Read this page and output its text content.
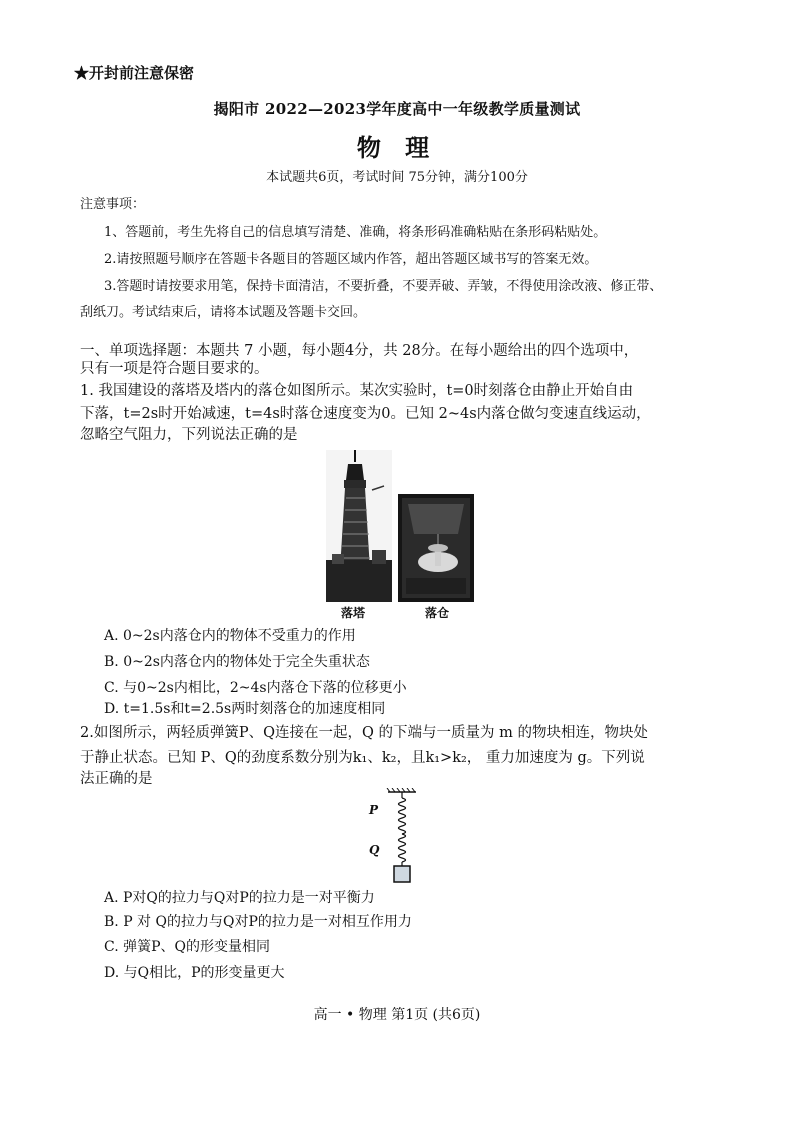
★开封前注意保密
揭阳市 2022—2023学年度高中一年级教学质量测试
物 理
本试题共6页，考试时间 75分钟，满分100分
注意事项：
1、答题前，考生先将自己的信息填写清楚、准确，将条形码准确粘贴在条形码粘贴处。
2.请按照题号顺序在答题卡各题目的答题区域内作答，超出答题区域书写的答案无效。
3.答题时请按要求用笔，保持卡面清洁，不要折叠，不要弄破、弄皱，不得使用涂改液、修正带、
刮纸刀。考试结束后，请将本试题及答题卡交回。
一、单项选择题：本题共 7 小题，每小题4分，共 28分。在每小题给出的四个选项中，
只有一项是符合题目要求的。
1. 我国建设的落塔及塔内的落仓如图所示。某次实验时，t=0时刻落仓由静止开始自由
下落，t=2s时开始减速，t=4s时落仓速度变为0。已知 2~4s内落仓做匀变速直线运动，
忽略空气阻力，下列说法正确的是
落塔	落仓
A. 0~2s内落仓内的物体不受重力的作用
B. 0~2s内落仓内的物体处于完全失重状态
C. 与0~2s内相比，2~4s内落仓下落的位移更小
D. t=1.5s和t=2.5s两时刻落仓的加速度相同
2.如图所示，两轻质弹簧P、Q连接在一起，Q 的下端与一质量为 m 的物块相连，物块处
于静止状态。已知 P、Q的劲度系数分别为k₁、k₂，且k₁>k₂， 重力加速度为 g。下列说
法正确的是
P
Q
A. P对Q的拉力与Q对P的拉力是一对平衡力
B. P 对 Q的拉力与Q对P的拉力是一对相互作用力
C. 弹簧P、Q的形变量相同
D. 与Q相比，P的形变量更大
高一 • 物理 第1页 (共6页)
